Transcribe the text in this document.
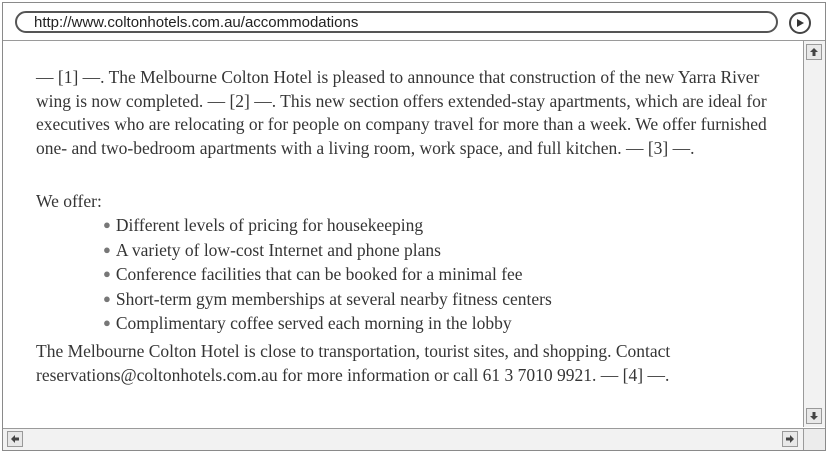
http://www.coltonhotels.com.au/accommodations

— [1] —. The Melbourne Colton Hotel is pleased to announce that construction of the new Yarra River wing is now completed. — [2] —. This new section offers extended-stay apartments, which are ideal for executives who are relocating or for people on company travel for more than a week. We offer furnished one- and two-bedroom apartments with a living room, work space, and full kitchen. — [3] —.

We offer:

● Different levels of pricing for housekeeping
● A variety of low-cost Internet and phone plans
● Conference facilities that can be booked for a minimal fee
● Short-term gym memberships at several nearby fitness centers
● Complimentary coffee served each morning in the lobby

The Melbourne Colton Hotel is close to transportation, tourist sites, and shopping. Contact reservations@coltonhotels.com.au for more information or call 61 3 7010 9921. — [4] —.
